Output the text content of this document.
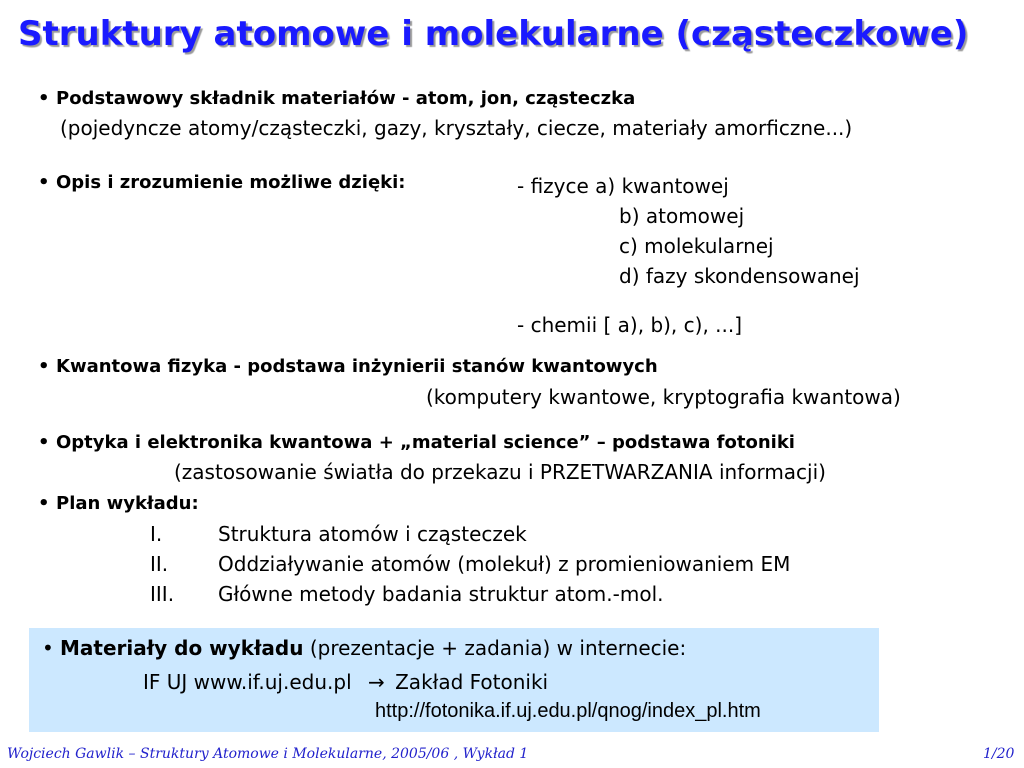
Struktury atomowe i molekularne (cząsteczkowe)
• Podstawowy składnik materiałów - atom, jon, cząsteczka
(pojedyncze atomy/cząsteczki, gazy, kryształy, ciecze, materiały amorficzne...)
• Opis i zrozumienie możliwe dzięki:	- fizyce a) kwantowej
b) atomowej
c) molekularnej
d) fazy skondensowanej
- chemii [ a), b), c), ...]
• Kwantowa fizyka - podstawa inżynierii stanów kwantowych
(komputery kwantowe, kryptografia kwantowa)
• Optyka i elektronika kwantowa + „material science” – podstawa fotoniki
(zastosowanie światła do przekazu i PRZETWARZANIA informacji)
• Plan wykładu:
I.	Struktura atomów i cząsteczek
II. Oddziaływanie atomów (molekuł) z promieniowaniem EM
III. Główne metody badania struktur atom.-mol.
• Materiały do wykładu (prezentacje + zadania) w internecie:
IF UJ www.if.uj.edu.pl → Zakład Fotoniki
http://fotonika.if.uj.edu.pl/qnog/index_pl.htm
Wojciech Gawlik – Struktury Atomowe i Molekularne, 2005/06 , Wykład 1	1/20
